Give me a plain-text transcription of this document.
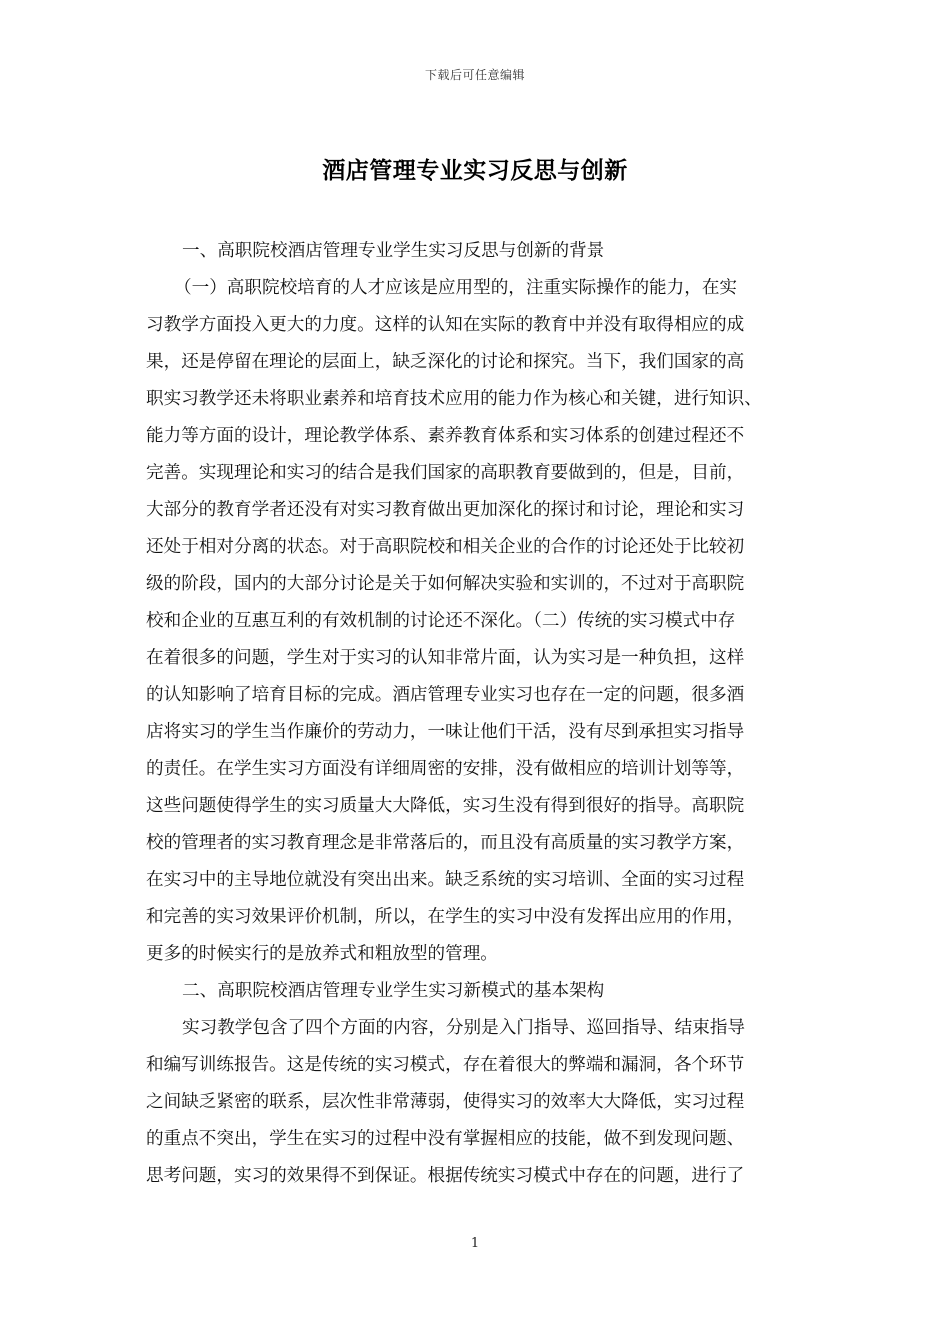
下载后可任意编辑
酒店管理专业实习反思与创新
一、高职院校酒店管理专业学生实习反思与创新的背景
（一）高职院校培育的人才应该是应用型的，注重实际操作的能力，在实
习教学方面投入更大的力度。这样的认知在实际的教育中并没有取得相应的成
果，还是停留在理论的层面上，缺乏深化的讨论和探究。当下，我们国家的高
职实习教学还未将职业素养和培育技术应用的能力作为核心和关键，进行知识、
能力等方面的设计，理论教学体系、素养教育体系和实习体系的创建过程还不
完善。实现理论和实习的结合是我们国家的高职教育要做到的，但是，目前，
大部分的教育学者还没有对实习教育做出更加深化的探讨和讨论，理论和实习
还处于相对分离的状态。对于高职院校和相关企业的合作的讨论还处于比较初
级的阶段，国内的大部分讨论是关于如何解决实验和实训的，不过对于高职院
校和企业的互惠互利的有效机制的讨论还不深化。（二）传统的实习模式中存
在着很多的问题，学生对于实习的认知非常片面，认为实习是一种负担，这样
的认知影响了培育目标的完成。酒店管理专业实习也存在一定的问题，很多酒
店将实习的学生当作廉价的劳动力，一味让他们干活，没有尽到承担实习指导
的责任。在学生实习方面没有详细周密的安排，没有做相应的培训计划等等，
这些问题使得学生的实习质量大大降低，实习生没有得到很好的指导。高职院
校的管理者的实习教育理念是非常落后的，而且没有高质量的实习教学方案，
在实习中的主导地位就没有突出出来。缺乏系统的实习培训、全面的实习过程
和完善的实习效果评价机制，所以，在学生的实习中没有发挥出应用的作用，
更多的时候实行的是放养式和粗放型的管理。
二、高职院校酒店管理专业学生实习新模式的基本架构
实习教学包含了四个方面的内容，分别是入门指导、巡回指导、结束指导
和编写训练报告。这是传统的实习模式，存在着很大的弊端和漏洞，各个环节
之间缺乏紧密的联系，层次性非常薄弱，使得实习的效率大大降低，实习过程
的重点不突出，学生在实习的过程中没有掌握相应的技能，做不到发现问题、
思考问题，实习的效果得不到保证。根据传统实习模式中存在的问题，进行了
1
